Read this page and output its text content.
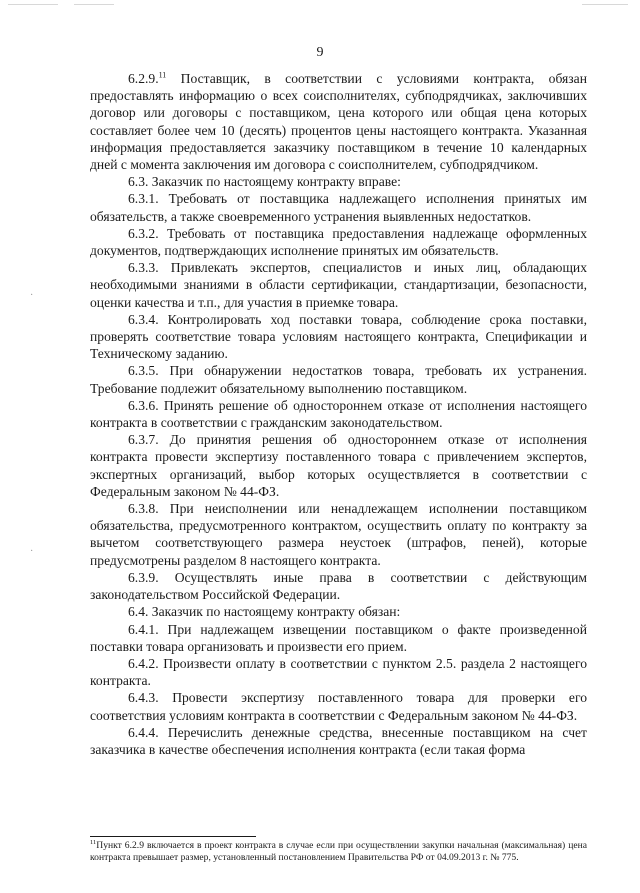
9
·
·

6.2.9.11 Поставщик, в соответствии с условиями контракта, обязан предоставлять информацию о всех соисполнителях, субподрядчиках, заключивших договор или договоры с поставщиком, цена которого или общая цена которых составляет более чем 10 (десять) процентов цены настоящего контракта. Указанная информация предоставляется заказчику поставщиком в течение 10 календарных дней с момента заключения им договора с соисполнителем, субподрядчиком.

6.3. Заказчик по настоящему контракту вправе:

6.3.1. Требовать от поставщика надлежащего исполнения принятых им обязательств, а также своевременного устранения выявленных недостатков.

6.3.2. Требовать от поставщика предоставления надлежаще оформленных документов, подтверждающих исполнение принятых им обязательств.

6.3.3. Привлекать экспертов, специалистов и иных лиц, обладающих необходимыми знаниями в области сертификации, стандартизации, безопасности, оценки качества и т.п., для участия в приемке товара.

6.3.4. Контролировать ход поставки товара, соблюдение срока поставки, проверять соответствие товара условиям настоящего контракта, Спецификации и Техническому заданию.

6.3.5. При обнаружении недостатков товара, требовать их устранения. Требование подлежит обязательному выполнению поставщиком.

6.3.6. Принять решение об одностороннем отказе от исполнения настоящего контракта в соответствии с гражданским законодательством.

6.3.7. До принятия решения об одностороннем отказе от исполнения контракта провести экспертизу поставленного товара с привлечением экспертов, экспертных организаций, выбор которых осуществляется в соответствии с Федеральным законом № 44-ФЗ.

6.3.8. При неисполнении или ненадлежащем исполнении поставщиком обязательства, предусмотренного контрактом, осуществить оплату по контракту за вычетом соответствующего размера неустоек (штрафов, пеней), которые предусмотрены разделом 8 настоящего контракта.

6.3.9. Осуществлять иные права в соответствии с действующим законодательством Российской Федерации.

6.4. Заказчик по настоящему контракту обязан:

6.4.1. При надлежащем извещении поставщиком о факте произведенной поставки товара организовать и произвести его прием.

6.4.2. Произвести оплату в соответствии с пунктом 2.5. раздела 2 настоящего контракта.

6.4.3. Провести экспертизу поставленного товара для проверки его соответствия условиям контракта в соответствии с Федеральным законом № 44-ФЗ.

6.4.4. Перечислить денежные средства, внесенные поставщиком на счет заказчика в качестве обеспечения исполнения контракта (если такая форма

$^{11}$Пункт 6.2.9 включается в проект контракта в случае если при осуществлении закупки начальная (максимальная) цена контракта превышает размер, установленный постановлением Правительства РФ от 04.09.2013 г. № 775.
